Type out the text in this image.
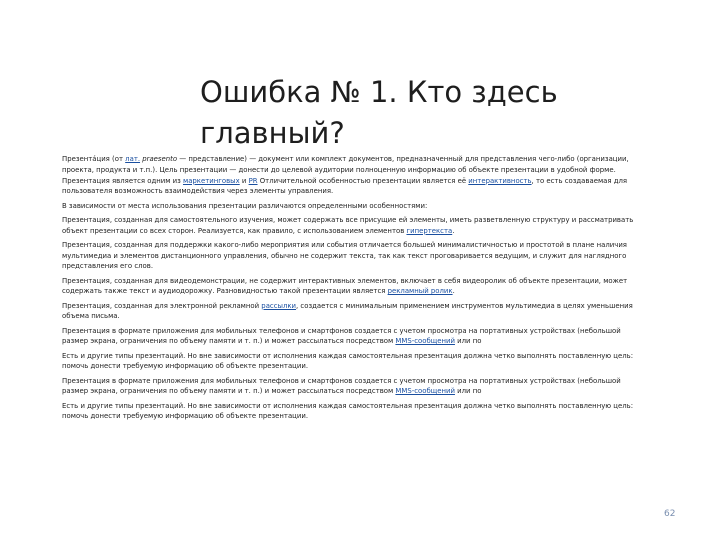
Ошибка № 1. Кто здесь
главный?

Презента́ция (от лат. praesento — представление) — документ или комплект документов, предназначенный для представления чего-либо (организации, проекта, продукта и т.п.). Цель презентации — донести до целевой аудитории полноценную информацию об объекте презентации в удобной форме. Презентация является одним из маркетинговых и PR Отличительной особенностью презентации является её интерактивность, то есть создаваемая для пользователя возможность взаимодействия через элементы управления.

В зависимости от места использования презентации различаются определенными особенностями:

Презентация, созданная для самостоятельного изучения, может содержать все присущие ей элементы, иметь разветвленную структуру и рассматривать объект презентации со всех сторон. Реализуется, как правило, с использованием элементов гипертекста.

Презентация, созданная для поддержки какого-либо мероприятия или события отличается большей минималистичностью и простотой в плане наличия мультимедиа и элементов дистанционного управления, обычно не содержит текста, так как текст проговаривается ведущим, и служит для наглядного представления его слов.

Презентация, созданная для видеодемонстрации, не содержит интерактивных элементов, включает в себя видеоролик об объекте презентации, может содержать также текст и аудиодорожку. Разновидностью такой презентации является рекламный ролик.

Презентация, созданная для электронной рекламной рассылки, создается с минимальным применением инструментов мультимедиа в целях уменьшения объема письма.

Презентация в формате приложения для мобильных телефонов и смартфонов создается с учетом просмотра на портативных устройствах (небольшой размер экрана, ограничения по объему памяти и т. п.) и может рассылаться посредством MMS-сообщений или по

Есть и другие типы презентаций. Но вне зависимости от исполнения каждая самостоятельная презентация должна четко выполнять поставленную цель: помочь донести требуемую информацию об объекте презентации.

Презентация в формате приложения для мобильных телефонов и смартфонов создается с учетом просмотра на портативных устройствах (небольшой размер экрана, ограничения по объему памяти и т. п.) и может рассылаться посредством MMS-сообщений или по

Есть и другие типы презентаций. Но вне зависимости от исполнения каждая самостоятельная презентация должна четко выполнять поставленную цель: помочь донести требуемую информацию об объекте презентации.

62
